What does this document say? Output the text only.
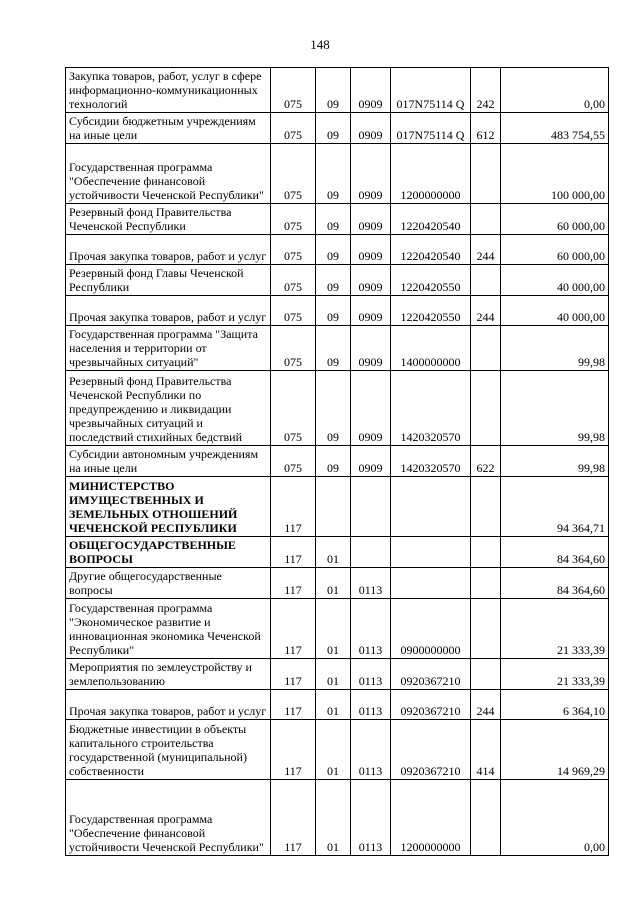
148
Закупка товаров, работ, услуг в сфере информационно-коммуникационных технологий	075	09	0909	017N75114 Q	242	0,00
Субсидии бюджетным учреждениям на иные цели	075	09	0909	017N75114 Q	612	483 754,55
Государственная программа "Обеспечение финансовой устойчивости Чеченской Республики"	075	09	0909	1200000000		100 000,00
Резервный фонд Правительства Чеченской Республики	075	09	0909	1220420540		60 000,00
Прочая закупка товаров, работ и услуг	075	09	0909	1220420540	244	60 000,00
Резервный фонд Главы Чеченской Республики	075	09	0909	1220420550		40 000,00
Прочая закупка товаров, работ и услуг	075	09	0909	1220420550	244	40 000,00
Государственная программа "Защита населения и территории от чрезвычайных ситуаций"	075	09	0909	1400000000		99,98
Резервный фонд Правительства Чеченской Республики по предупреждению и ликвидации чрезвычайных ситуаций и последствий стихийных бедствий	075	09	0909	1420320570		99,98
Субсидии автономным учреждениям на иные цели	075	09	0909	1420320570	622	99,98
МИНИСТЕРСТВО ИМУЩЕСТВЕННЫХ И ЗЕМЕЛЬНЫХ ОТНОШЕНИЙ ЧЕЧЕНСКОЙ РЕСПУБЛИКИ	117					94 364,71
ОБЩЕГОСУДАРСТВЕННЫЕ ВОПРОСЫ	117	01				84 364,60
Другие общегосударственные вопросы	117	01	0113			84 364,60
Государственная программа "Экономическое развитие и инновационная экономика Чеченской Республики"	117	01	0113	0900000000		21 333,39
Мероприятия по землеустройству и землепользованию	117	01	0113	0920367210		21 333,39
Прочая закупка товаров, работ и услуг	117	01	0113	0920367210	244	6 364,10
Бюджетные инвестиции в объекты капитального строительства государственной (муниципальной) собственности	117	01	0113	0920367210	414	14 969,29
Государственная программа "Обеспечение финансовой устойчивости Чеченской Республики"	117	01	0113	1200000000		0,00
